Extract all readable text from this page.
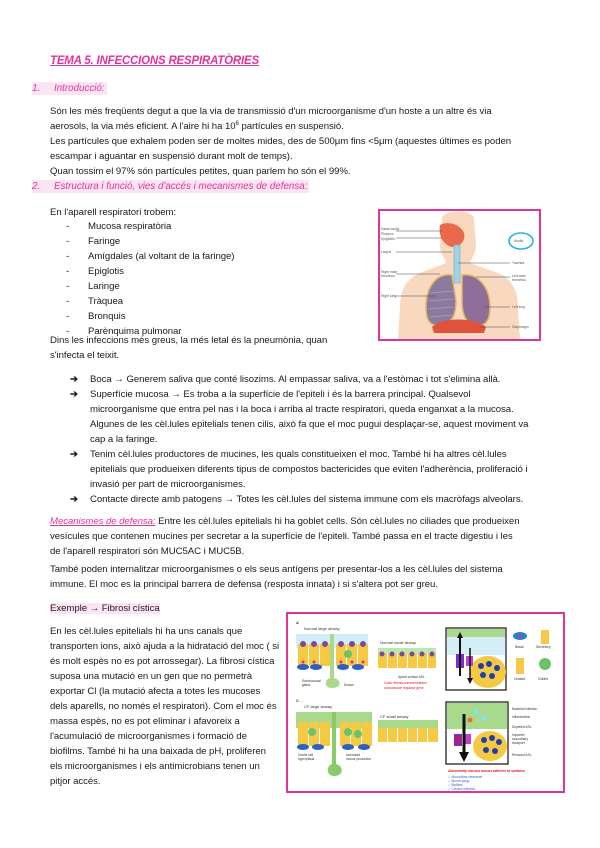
TEMA 5. INFECCIONS RESPIRATÒRIES
1. Introducció:
Són les més freqüents degut a que la via de transmissió d'un microorganisme d'un hoste a un altre és via
aerosols, la via més eficient. A l'aire hi ha $10^6$ partícules en suspensió.
Les partícules que exhalem poden ser de moltes mides, des de 500μm fins <5μm (aquestes últimes es poden
escampar i aguantar en suspensió durant molt de temps).
Quan tossim el 97% són partícules petites, quan parlem ho són el 99%.
2. Estructura i funció, vies d'accés i mecanismes de defensa:
En l'aparell respiratori trobem:
- Mucosa respiratòria
- Faringe
- Amígdales (al voltant de la faringe)
- Epiglotis
- Laringe
- Tràquea
- Bronquis
- Parènquima pulmonar
Dins les infeccions més greus, la més letal és la pneumònia, quan
s'infecta el teixit.
Nasal cavity
Pharynx
Epiglottis
Larynx
Right main
bronchus
Right lung
Trachea
Left main
bronchus
Left lung
Diaphragm
Mouth
➔ Boca → Generem saliva que conté lisozims. Al empassar saliva, va a l'estòmac i tot s'elimina allà.
➔ Superfície mucosa → Es troba a la superfície de l'epiteli i és la barrera principal. Qualsevol microorganisme que entra pel nas i la boca i arriba al tracte respiratori, queda enganxat a la mucosa. Algunes de les cèl.lules epitelials tenen cilis, això fa que el moc pugui desplaçar-se, aquest moviment va cap a la faringe.
➔ Tenim cèl.lules productores de mucines, les quals constitueixen el moc. També hi ha altres cèl.lules epitelials que produeixen diferents tipus de compostos bactericides que eviten l'adherència, proliferació i invasió per part de microorganismes.
➔ Contacte directe amb patogens → Totes les cèl.lules del sistema immune com els macròfags alveolars.
Mecanismes de defensa: Entre les cèl.lules epitelials hi ha goblet cells. Són cèl.lules no ciliades que produeixen vesícules que contenen mucines per secretar a la superfície de l'epiteli. També passa en el tracte digestiu i les de l'aparell respiratori són MUC5AC i MUC5B.
També poden internalitzar microorganismes o els seus antígens per presentar-los a les cèl.lules del sistema immune. El moc es la principal barrera de defensa (resposta innata) i si s'altera pot ser greu.
Exemple → Fibrosi cística
En les cèl.lules epitelials hi ha uns canals que transporten ions, això ajuda a la hidratació del moc ( si és molt espès no es pot arrossegar). La fibrosi cística suposa una mutació en un gen que no permetrà exportar Cl (la mutació afecta a totes les mucoses dels aparells, no només el respiratori). Com el moc és massa espès, no es pot eliminar i afavoreix a l'acumulació de microorganismes i formació de biofilms. També hi ha una baixada de pH, proliferen els microorganismes i els antimicrobians tenen un pitjor accés.
A
Normal large airway
C
CF large airway
Normal small airway
CF small airway
Submucosal
gland	Mucus
Apical surface ASL
Cystic fibrosis transmembrane
conductance regulator gene
Basal	Secretory
Ciliated	Goblet
Goblet cell
hyperplasia
Increased
mucus production
Bacterial infection
Inflammation
Depleted ASL
Impaired
mucociliary
transport
Reduced ASL
Abnormally viscous mucus adheres to surfaces
✓ Mucociliary clearance
✓ Mucus plugs
✓ Biofilms
✓ Chronic infection
